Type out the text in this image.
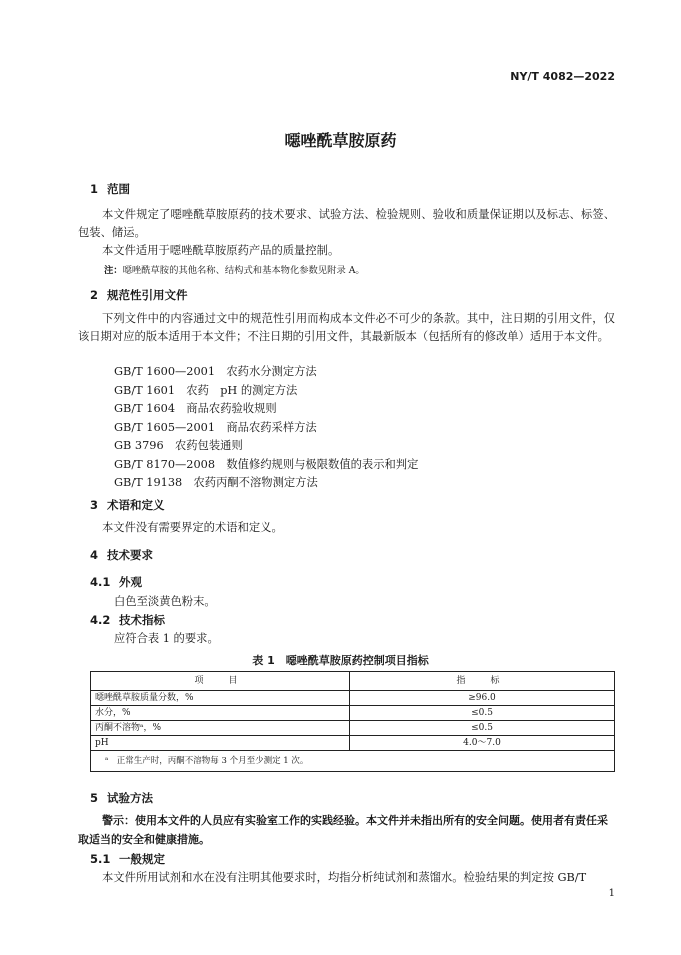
NY/T 4082—2022
噁唑酰草胺原药
1 范围
本文件规定了噁唑酰草胺原药的技术要求、试验方法、检验规则、验收和质量保证期以及标志、标签、包装、储运。
本文件适用于噁唑酰草胺原药产品的质量控制。
注：噁唑酰草胺的其他名称、结构式和基本物化参数见附录 A。
2 规范性引用文件
下列文件中的内容通过文中的规范性引用而构成本文件必不可少的条款。其中，注日期的引用文件，仅该日期对应的版本适用于本文件；不注日期的引用文件，其最新版本（包括所有的修改单）适用于本文件。
GB/T 1600—2001　农药水分测定方法
GB/T 1601　农药　pH 的测定方法
GB/T 1604　商品农药验收规则
GB/T 1605—2001　商品农药采样方法
GB 3796　农药包装通则
GB/T 8170—2008　数值修约规则与极限数值的表示和判定
GB/T 19138　农药丙酮不溶物测定方法
3 术语和定义
本文件没有需要界定的术语和定义。
4 技术要求
4.1 外观
白色至淡黄色粉末。
4.2 技术指标
应符合表 1 的要求。
表 1　噁唑酰草胺原药控制项目指标
项　目	指　标
噁唑酰草胺质量分数，%	≥96.0
水分，%	≤0.5
丙酮不溶物ᵃ，%	≤0.5
pH	4.0～7.0
ᵃ　正常生产时，丙酮不溶物每 3 个月至少测定 1 次。	
5 试验方法
警示：使用本文件的人员应有实验室工作的实践经验。本文件并未指出所有的安全问题。使用者有责任采取适当的安全和健康措施。
5.1 一般规定
本文件所用试剂和水在没有注明其他要求时，均指分析纯试剂和蒸馏水。检验结果的判定按 GB/T
1
